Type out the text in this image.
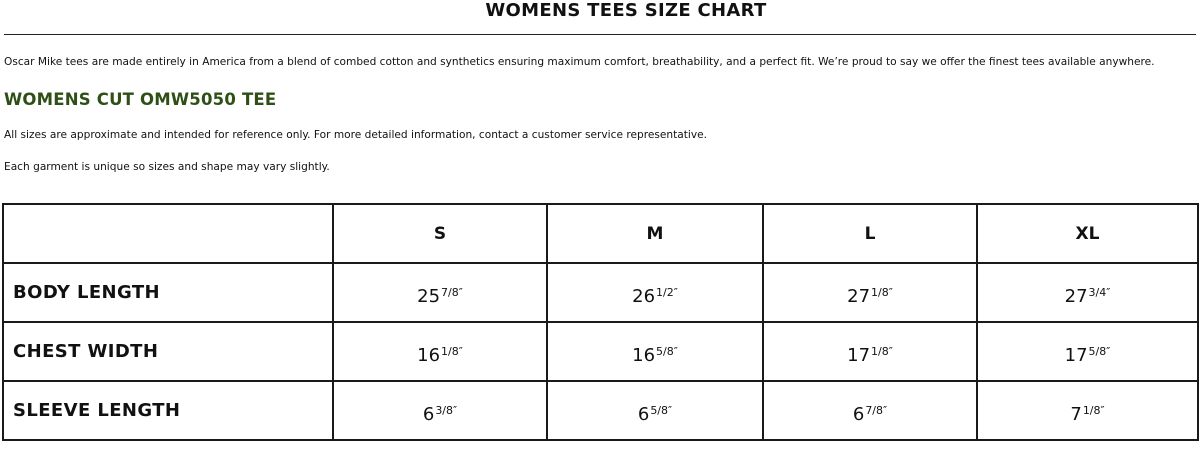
WOMENS TEES SIZE CHART
Oscar Mike tees are made entirely in America from a blend of combed cotton and synthetics ensuring maximum comfort, breathability, and a perfect fit. We’re proud to say we offer the finest tees available anywhere.
WOMENS CUT OMW5050 TEE
All sizes are approximate and intended for reference only. For more detailed information, contact a customer service representative.
Each garment is unique so sizes and shape may vary slightly.
	S	M	L	XL
BODY LENGTH	257/8″	261/2″	271/8″	273/4″
CHEST WIDTH	161/8″	165/8″	171/8″	175/8″
SLEEVE LENGTH	63/8″	65/8″	67/8″	71/8″
